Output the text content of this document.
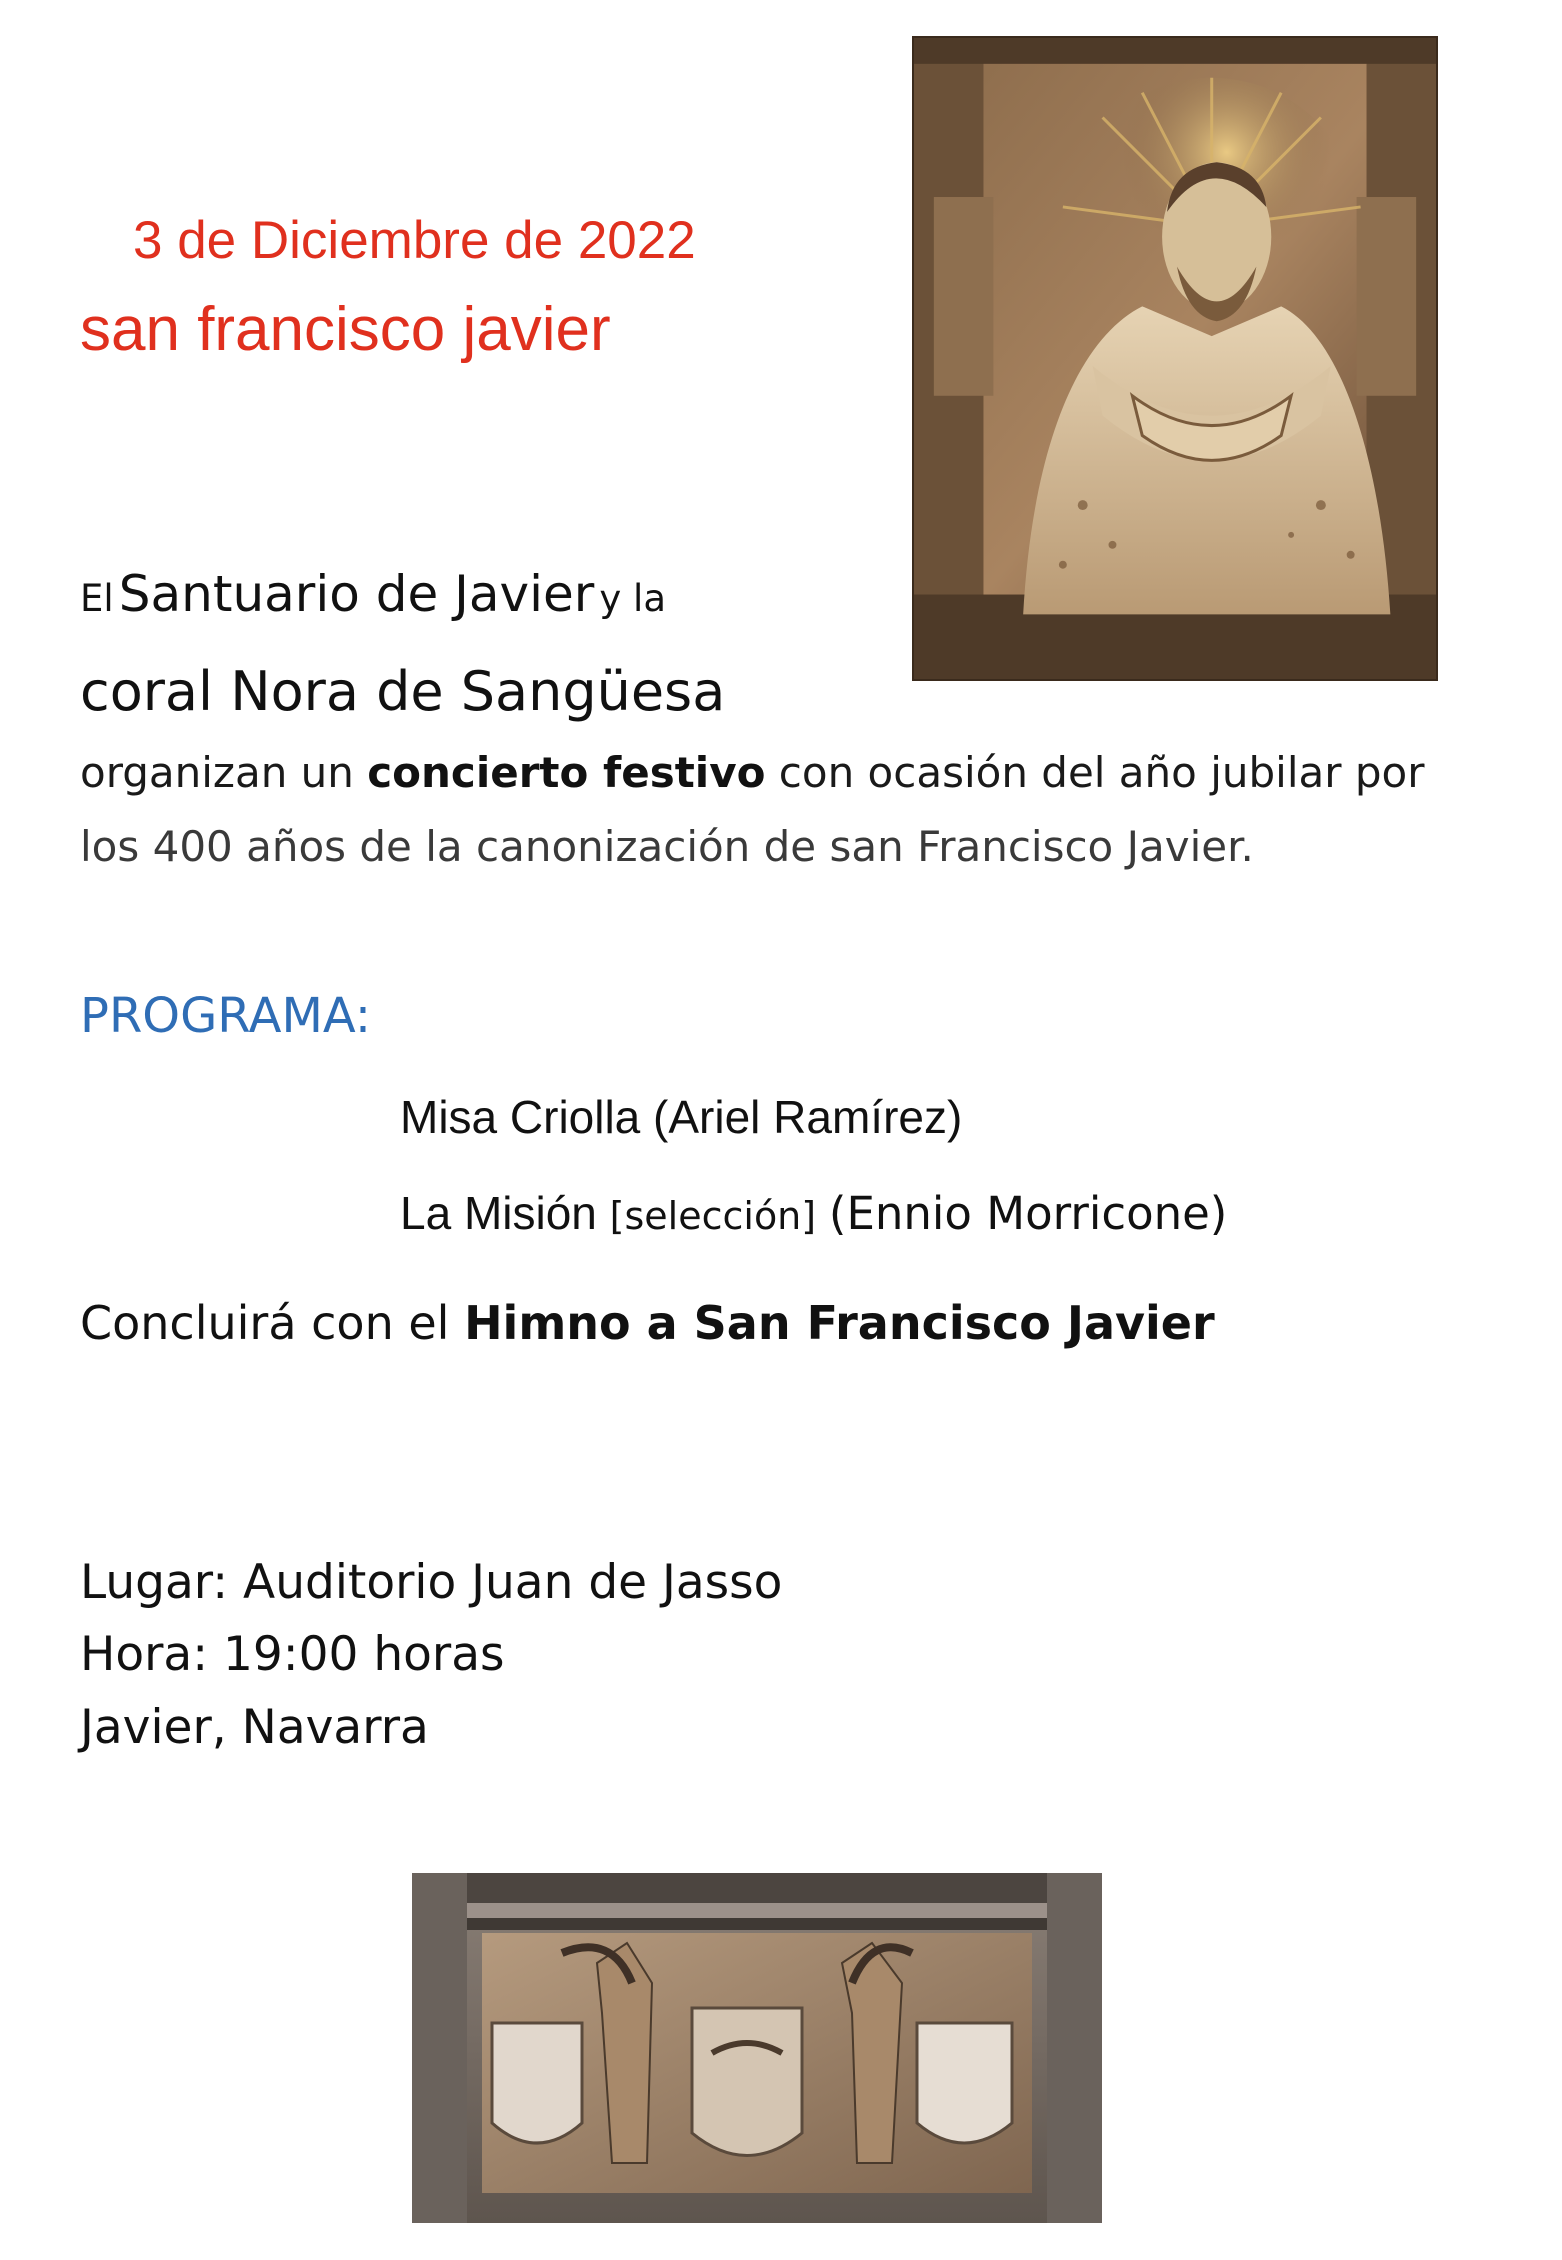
3 de Diciembre de 2022

san francisco javier

El Santuario de Javier y la

coral Nora de Sangüesa

organizan un concierto festivo con ocasión del año jubilar por

los 400 años de la canonización de san Francisco Javier.

PROGRAMA:

Misa Criolla (Ariel Ramírez)

La Misión [selección] (Ennio Morricone)

Concluirá con el Himno a San Francisco Javier

Lugar: Auditorio Juan de Jasso

Hora: 19:00 horas

Javier, Navarra
